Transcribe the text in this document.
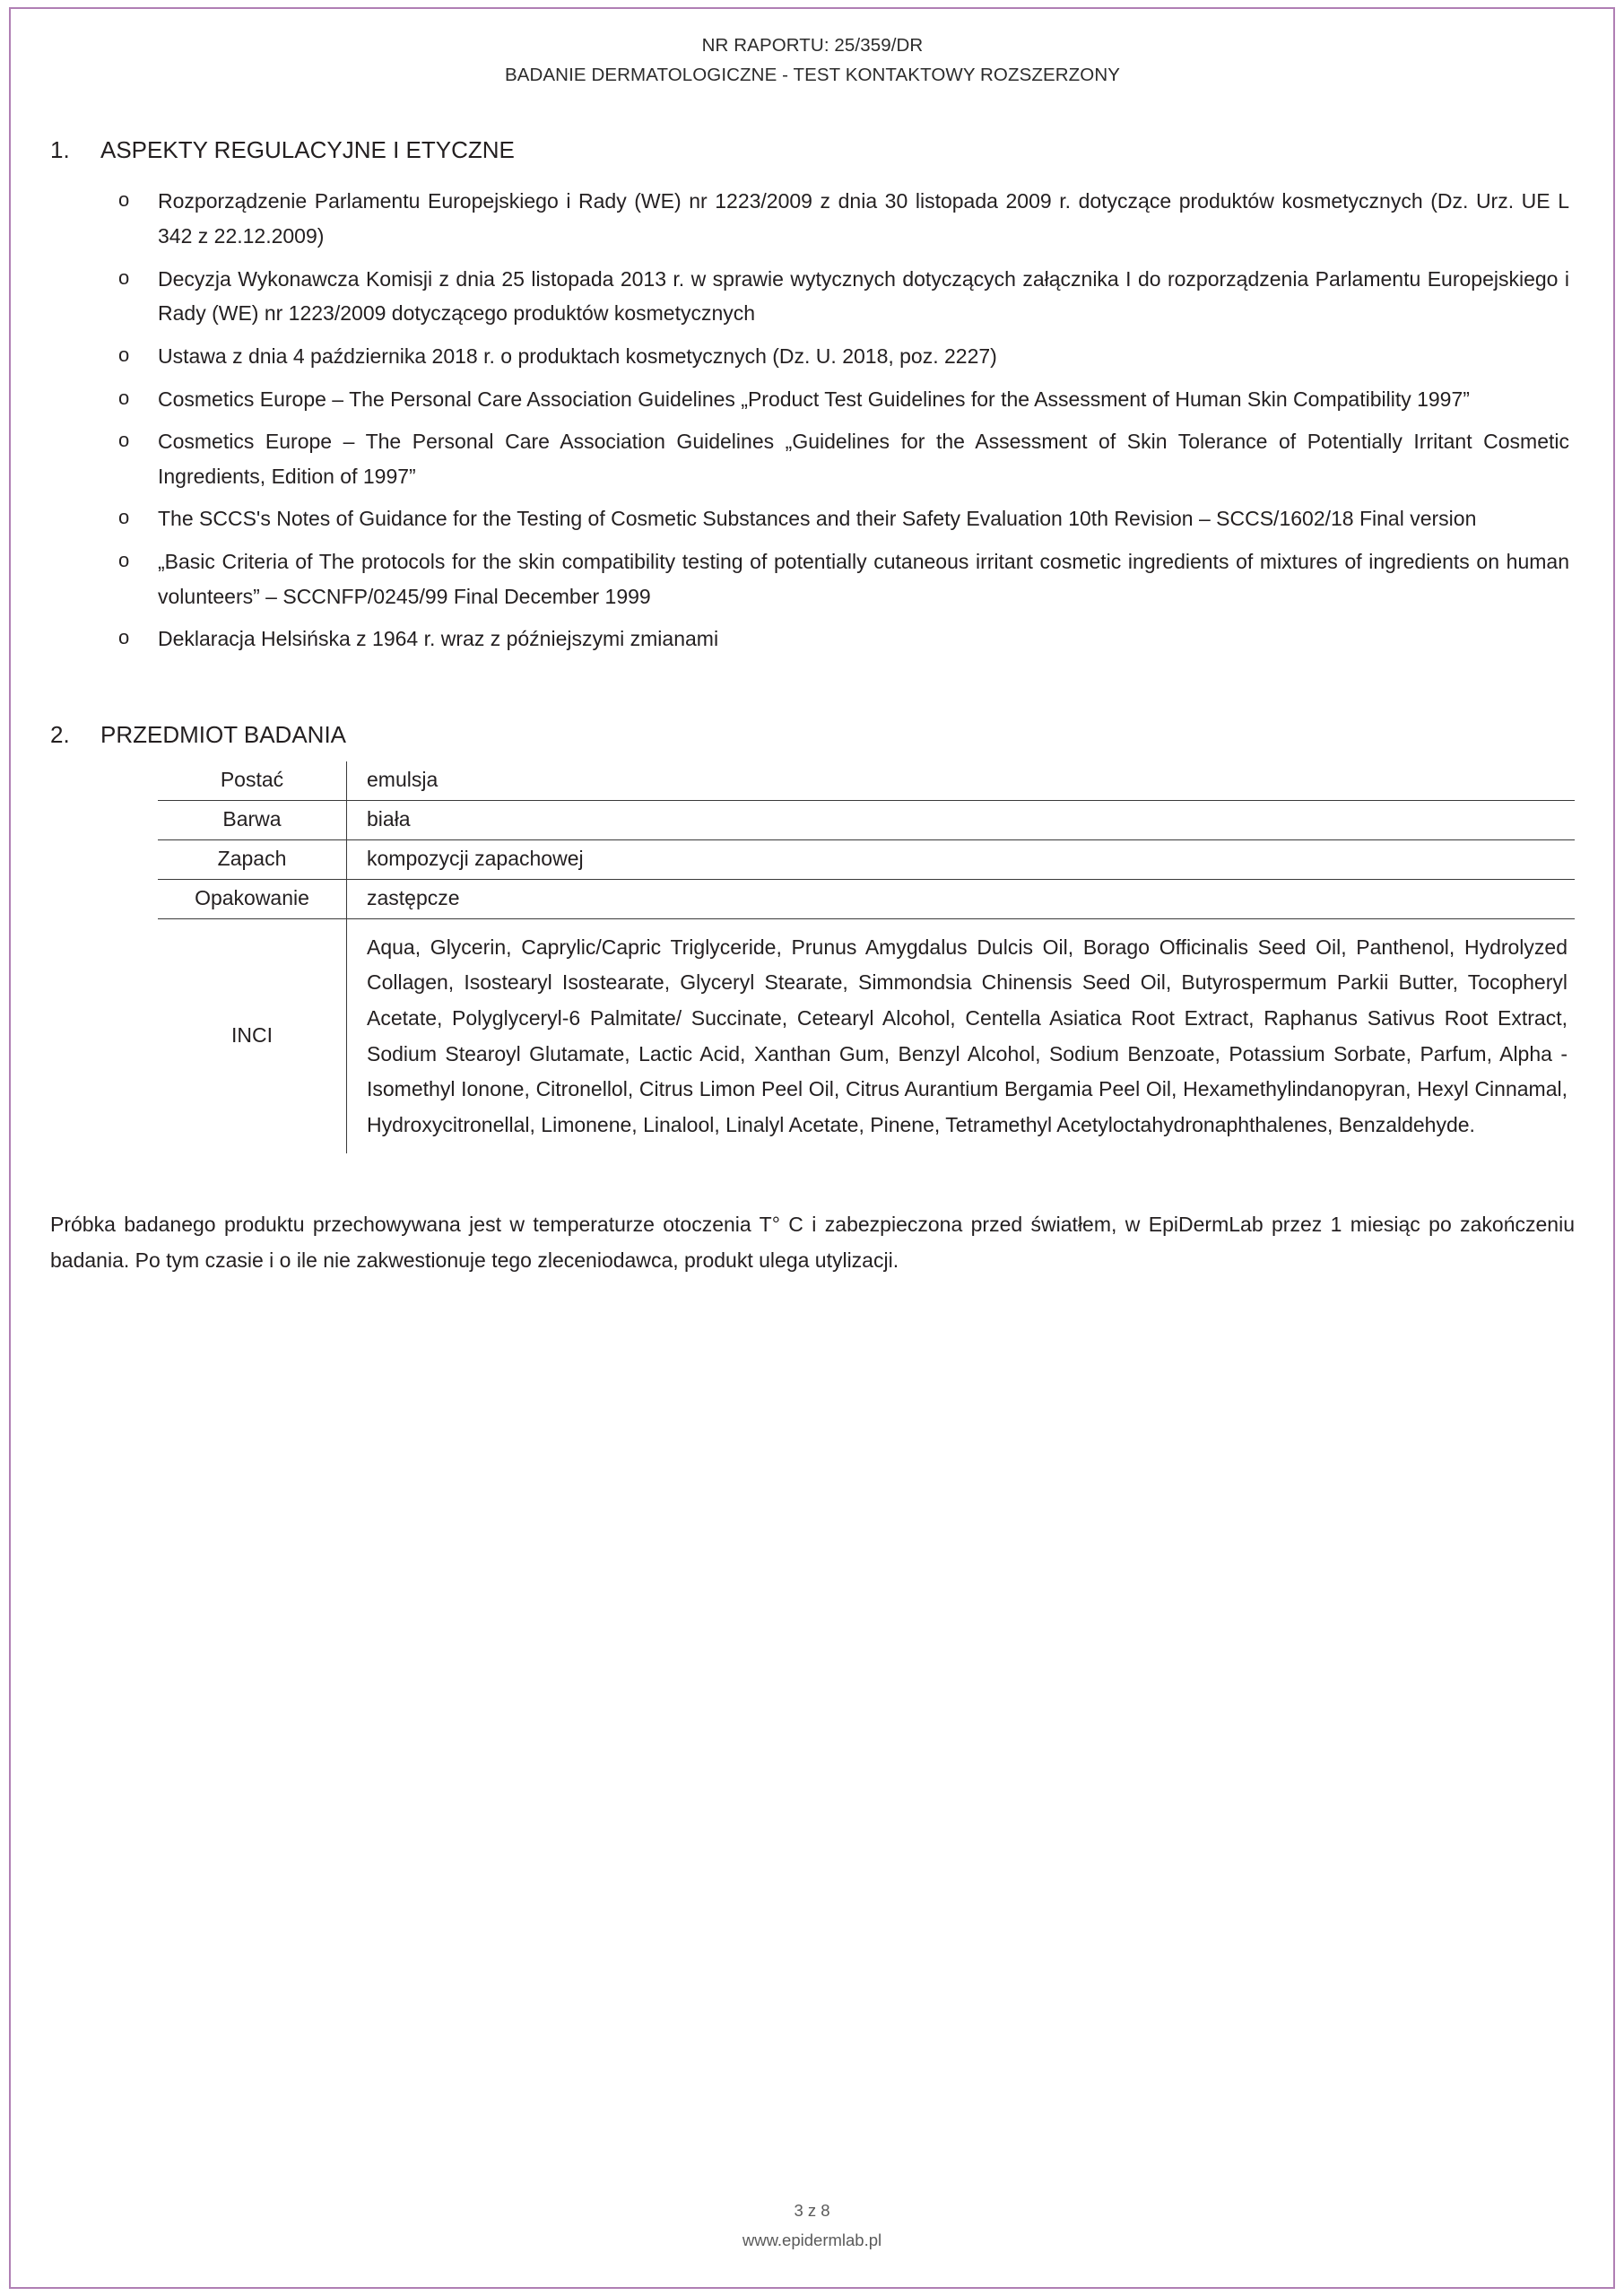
NR RAPORTU: 25/359/DR
BADANIE DERMATOLOGICZNE - TEST KONTAKTOWY ROZSZERZONY
1.	ASPEKTY REGULACYJNE I ETYCZNE
o	Rozporządzenie Parlamentu Europejskiego i Rady (WE) nr 1223/2009 z dnia 30 listopada 2009 r. dotyczące produktów kosmetycznych (Dz. Urz. UE L 342 z 22.12.2009)
o	Decyzja Wykonawcza Komisji z dnia 25 listopada 2013 r. w sprawie wytycznych dotyczących załącznika I do rozporządzenia Parlamentu Europejskiego i Rady (WE) nr 1223/2009 dotyczącego produktów kosmetycznych
o	Ustawa z dnia 4 października 2018 r. o produktach kosmetycznych (Dz. U. 2018, poz. 2227)
o	Cosmetics Europe – The Personal Care Association Guidelines „Product Test Guidelines for the Assessment of Human Skin Compatibility 1997”
o	Cosmetics Europe – The Personal Care Association Guidelines „Guidelines for the Assessment of Skin Tolerance of Potentially Irritant Cosmetic Ingredients, Edition of 1997”
o	The SCCS's Notes of Guidance for the Testing of Cosmetic Substances and their Safety Evaluation 10th Revision – SCCS/1602/18 Final version
o	„Basic Criteria of The protocols for the skin compatibility testing of potentially cutaneous irritant cosmetic ingredients of mixtures of ingredients on human volunteers” – SCCNFP/0245/99 Final December 1999
o	Deklaracja Helsińska z 1964 r. wraz z późniejszymi zmianami
2.	PRZEDMIOT BADANIA
Postać	emulsja
Barwa	biała
Zapach	kompozycji zapachowej
Opakowanie	zastępcze
INCI	Aqua, Glycerin, Caprylic/Capric Triglyceride, Prunus Amygdalus Dulcis Oil, Borago Officinalis Seed Oil, Panthenol, Hydrolyzed Collagen, Isostearyl Isostearate, Glyceryl Stearate, Simmondsia Chinensis Seed Oil, Butyrospermum Parkii Butter, Tocopheryl Acetate, Polyglyceryl-6 Palmitate/ Succinate, Cetearyl Alcohol, Centella Asiatica Root Extract, Raphanus Sativus Root Extract, Sodium Stearoyl Glutamate, Lactic Acid, Xanthan Gum, Benzyl Alcohol, Sodium Benzoate, Potassium Sorbate, Parfum, Alpha - Isomethyl Ionone, Citronellol, Citrus Limon Peel Oil, Citrus Aurantium Bergamia Peel Oil, Hexamethylindanopyran, Hexyl Cinnamal, Hydroxycitronellal, Limonene, Linalool, Linalyl Acetate, Pinene, Tetramethyl Acetyloctahydronaphthalenes, Benzaldehyde.

Próbka badanego produktu przechowywana jest w temperaturze otoczenia T° C i zabezpieczona przed światłem, w EpiDermLab przez 1 miesiąc po zakończeniu badania. Po tym czasie i o ile nie zakwestionuje tego zleceniodawca, produkt ulega utylizacji.

3 z 8
www.epidermlab.pl
